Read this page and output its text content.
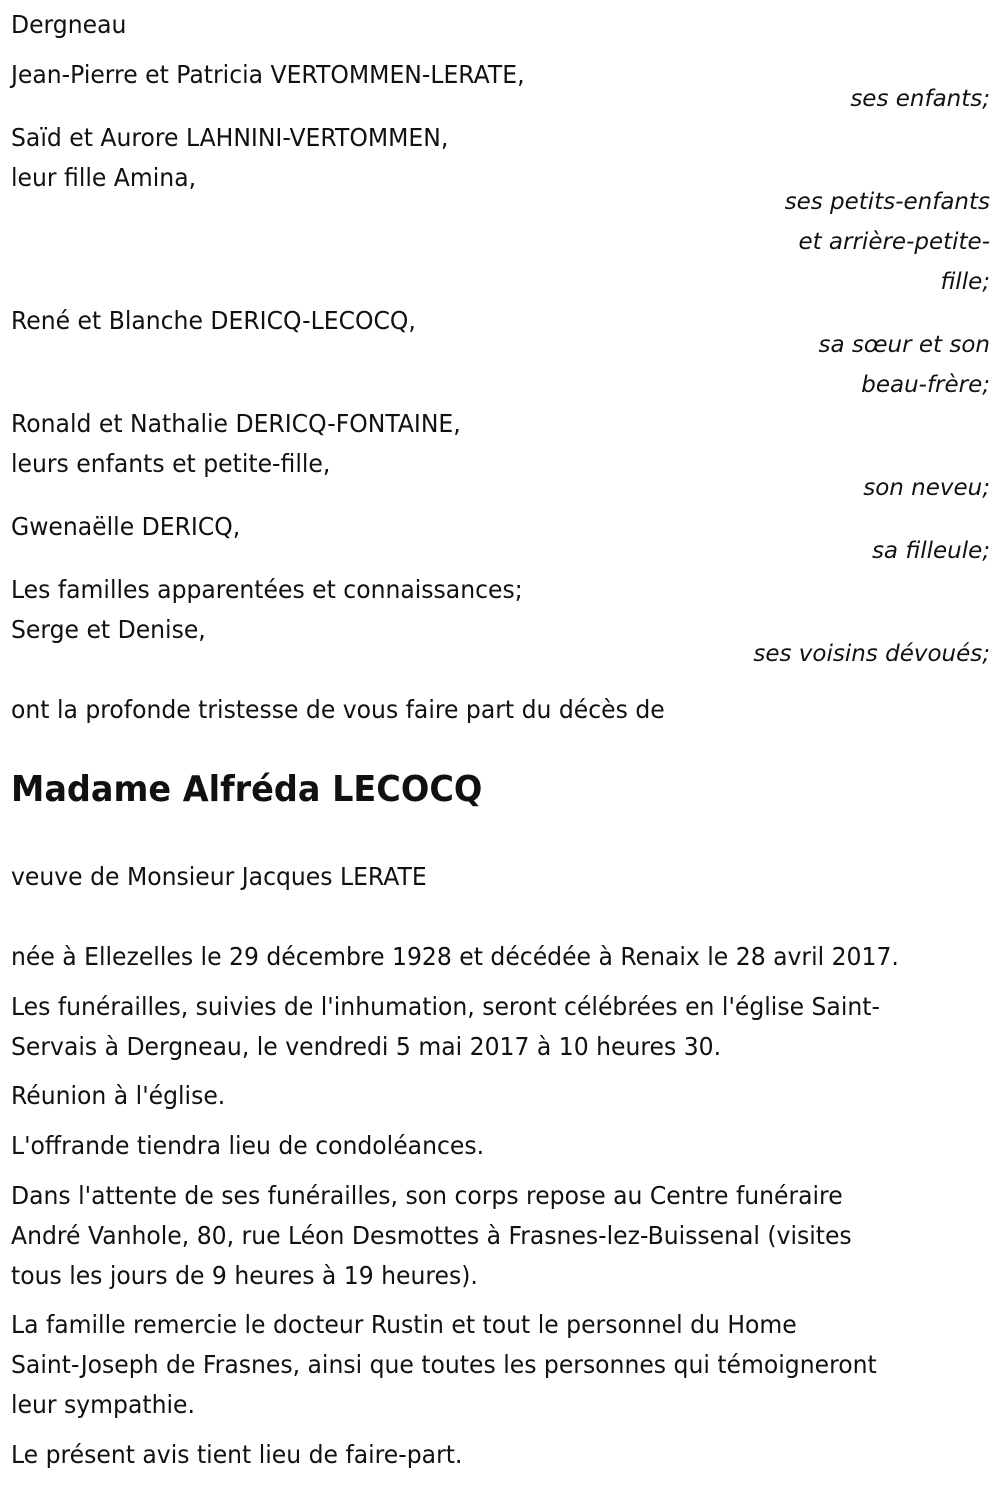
Dergneau
Jean-Pierre et Patricia VERTOMMEN-LERATE,
ses enfants;
Saïd et Aurore LAHNINI-VERTOMMEN,
leur fille Amina,
ses petits-enfants
et arrière-petite-
fille;
René et Blanche DERICQ-LECOCQ,
sa sœur et son
beau-frère;
Ronald et Nathalie DERICQ-FONTAINE,
leurs enfants et petite-fille,
son neveu;
Gwenaëlle DERICQ,
sa filleule;
Les familles apparentées et connaissances;
Serge et Denise,
ses voisins dévoués;
ont la profonde tristesse de vous faire part du décès de
Madame Alfréda LECOCQ
veuve de Monsieur Jacques LERATE
née à Ellezelles le 29 décembre 1928 et décédée à Renaix le 28 avril 2017.
Les funérailles, suivies de l'inhumation, seront célébrées en l'église Saint-
Servais à Dergneau, le vendredi 5 mai 2017 à 10 heures 30.
Réunion à l'église.
L'offrande tiendra lieu de condoléances.
Dans l'attente de ses funérailles, son corps repose au Centre funéraire
André Vanhole, 80, rue Léon Desmottes à Frasnes-lez-Buissenal (visites
tous les jours de 9 heures à 19 heures).
La famille remercie le docteur Rustin et tout le personnel du Home
Saint-Joseph de Frasnes, ainsi que toutes les personnes qui témoigneront
leur sympathie.
Le présent avis tient lieu de faire-part.
